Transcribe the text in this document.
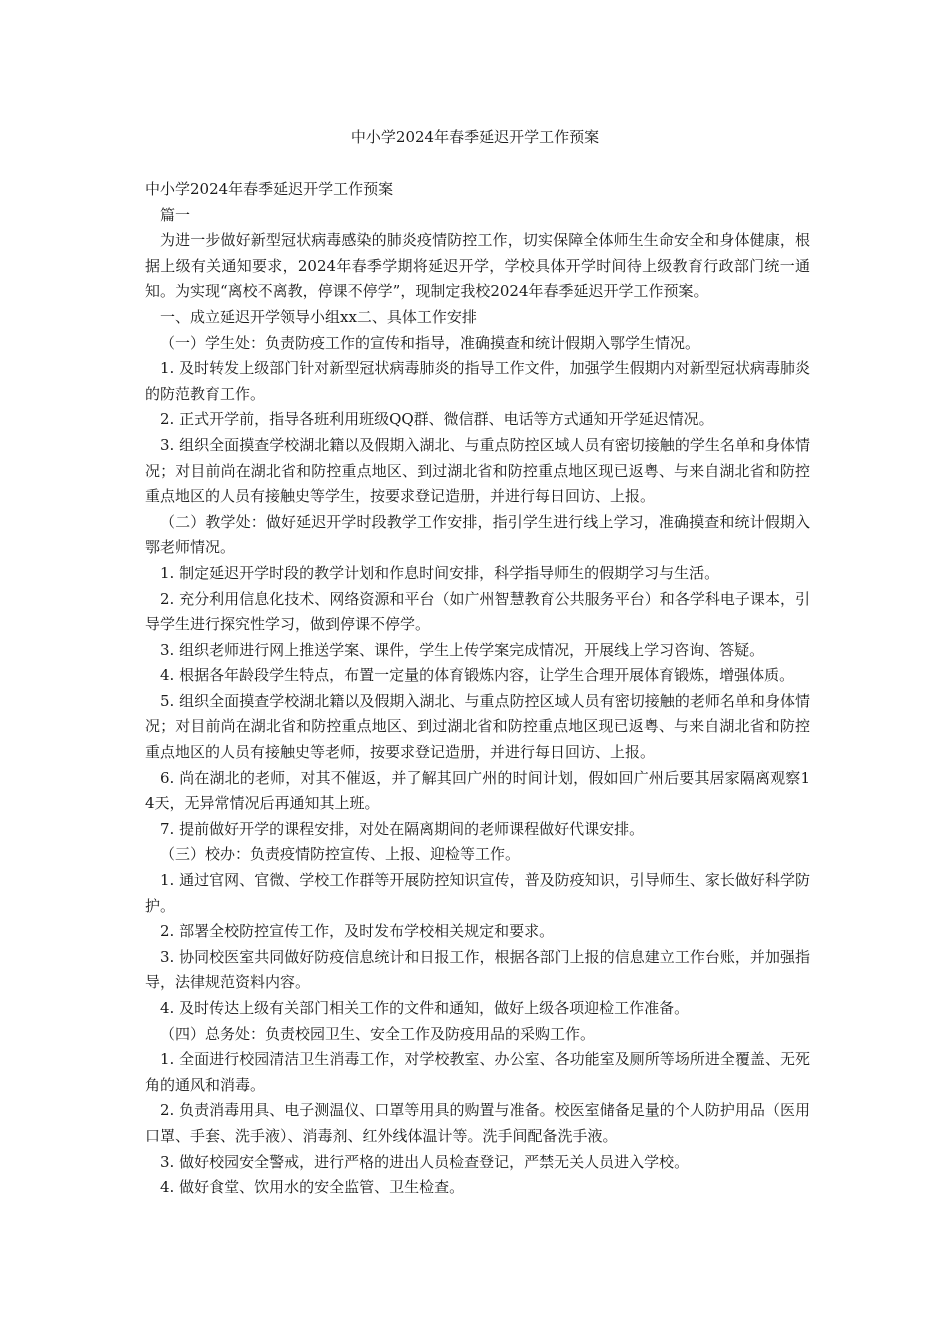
中小学2024年春季延迟开学工作预案

中小学2024年春季延迟开学工作预案

篇一

为进一步做好新型冠状病毒感染的肺炎疫情防控工作，切实保障全体师生生命安全和身体健康，根据上级有关通知要求，2024年春季学期将延迟开学，学校具体开学时间待上级教育行政部门统一通知。为实现“离校不离教，停课不停学”，现制定我校2024年春季延迟开学工作预案。

一、成立延迟开学领导小组xx二、具体工作安排

（一）学生处：负责防疫工作的宣传和指导，准确摸查和统计假期入鄂学生情况。

1. 及时转发上级部门针对新型冠状病毒肺炎的指导工作文件，加强学生假期内对新型冠状病毒肺炎的防范教育工作。

2. 正式开学前，指导各班利用班级QQ群、微信群、电话等方式通知开学延迟情况。

3. 组织全面摸查学校湖北籍以及假期入湖北、与重点防控区域人员有密切接触的学生名单和身体情况；对目前尚在湖北省和防控重点地区、到过湖北省和防控重点地区现已返粤、与来自湖北省和防控重点地区的人员有接触史等学生，按要求登记造册，并进行每日回访、上报。

（二）教学处：做好延迟开学时段教学工作安排，指引学生进行线上学习，准确摸查和统计假期入鄂老师情况。

1. 制定延迟开学时段的教学计划和作息时间安排，科学指导师生的假期学习与生活。

2. 充分利用信息化技术、网络资源和平台（如广州智慧教育公共服务平台）和各学科电子课本，引导学生进行探究性学习，做到停课不停学。

3. 组织老师进行网上推送学案、课件，学生上传学案完成情况，开展线上学习咨询、答疑。

4. 根据各年龄段学生特点，布置一定量的体育锻炼内容，让学生合理开展体育锻炼，增强体质。

5. 组织全面摸查学校湖北籍以及假期入湖北、与重点防控区域人员有密切接触的老师名单和身体情况；对目前尚在湖北省和防控重点地区、到过湖北省和防控重点地区现已返粤、与来自湖北省和防控重点地区的人员有接触史等老师，按要求登记造册，并进行每日回访、上报。

6. 尚在湖北的老师，对其不催返，并了解其回广州的时间计划，假如回广州后要其居家隔离观察14天，无异常情况后再通知其上班。

7. 提前做好开学的课程安排，对处在隔离期间的老师课程做好代课安排。

（三）校办：负责疫情防控宣传、上报、迎检等工作。

1. 通过官网、官微、学校工作群等开展防控知识宣传，普及防疫知识，引导师生、家长做好科学防护。

2. 部署全校防控宣传工作，及时发布学校相关规定和要求。

3. 协同校医室共同做好防疫信息统计和日报工作，根据各部门上报的信息建立工作台账，并加强指导，法律规范资料内容。

4. 及时传达上级有关部门相关工作的文件和通知，做好上级各项迎检工作准备。

（四）总务处：负责校园卫生、安全工作及防疫用品的采购工作。

1. 全面进行校园清洁卫生消毒工作，对学校教室、办公室、各功能室及厕所等场所进全覆盖、无死角的通风和消毒。

2. 负责消毒用具、电子测温仪、口罩等用具的购置与准备。校医室储备足量的个人防护用品（医用口罩、手套、洗手液）、消毒剂、红外线体温计等。洗手间配备洗手液。

3. 做好校园安全警戒，进行严格的进出人员检查登记，严禁无关人员进入学校。

4. 做好食堂、饮用水的安全监管、卫生检查。
